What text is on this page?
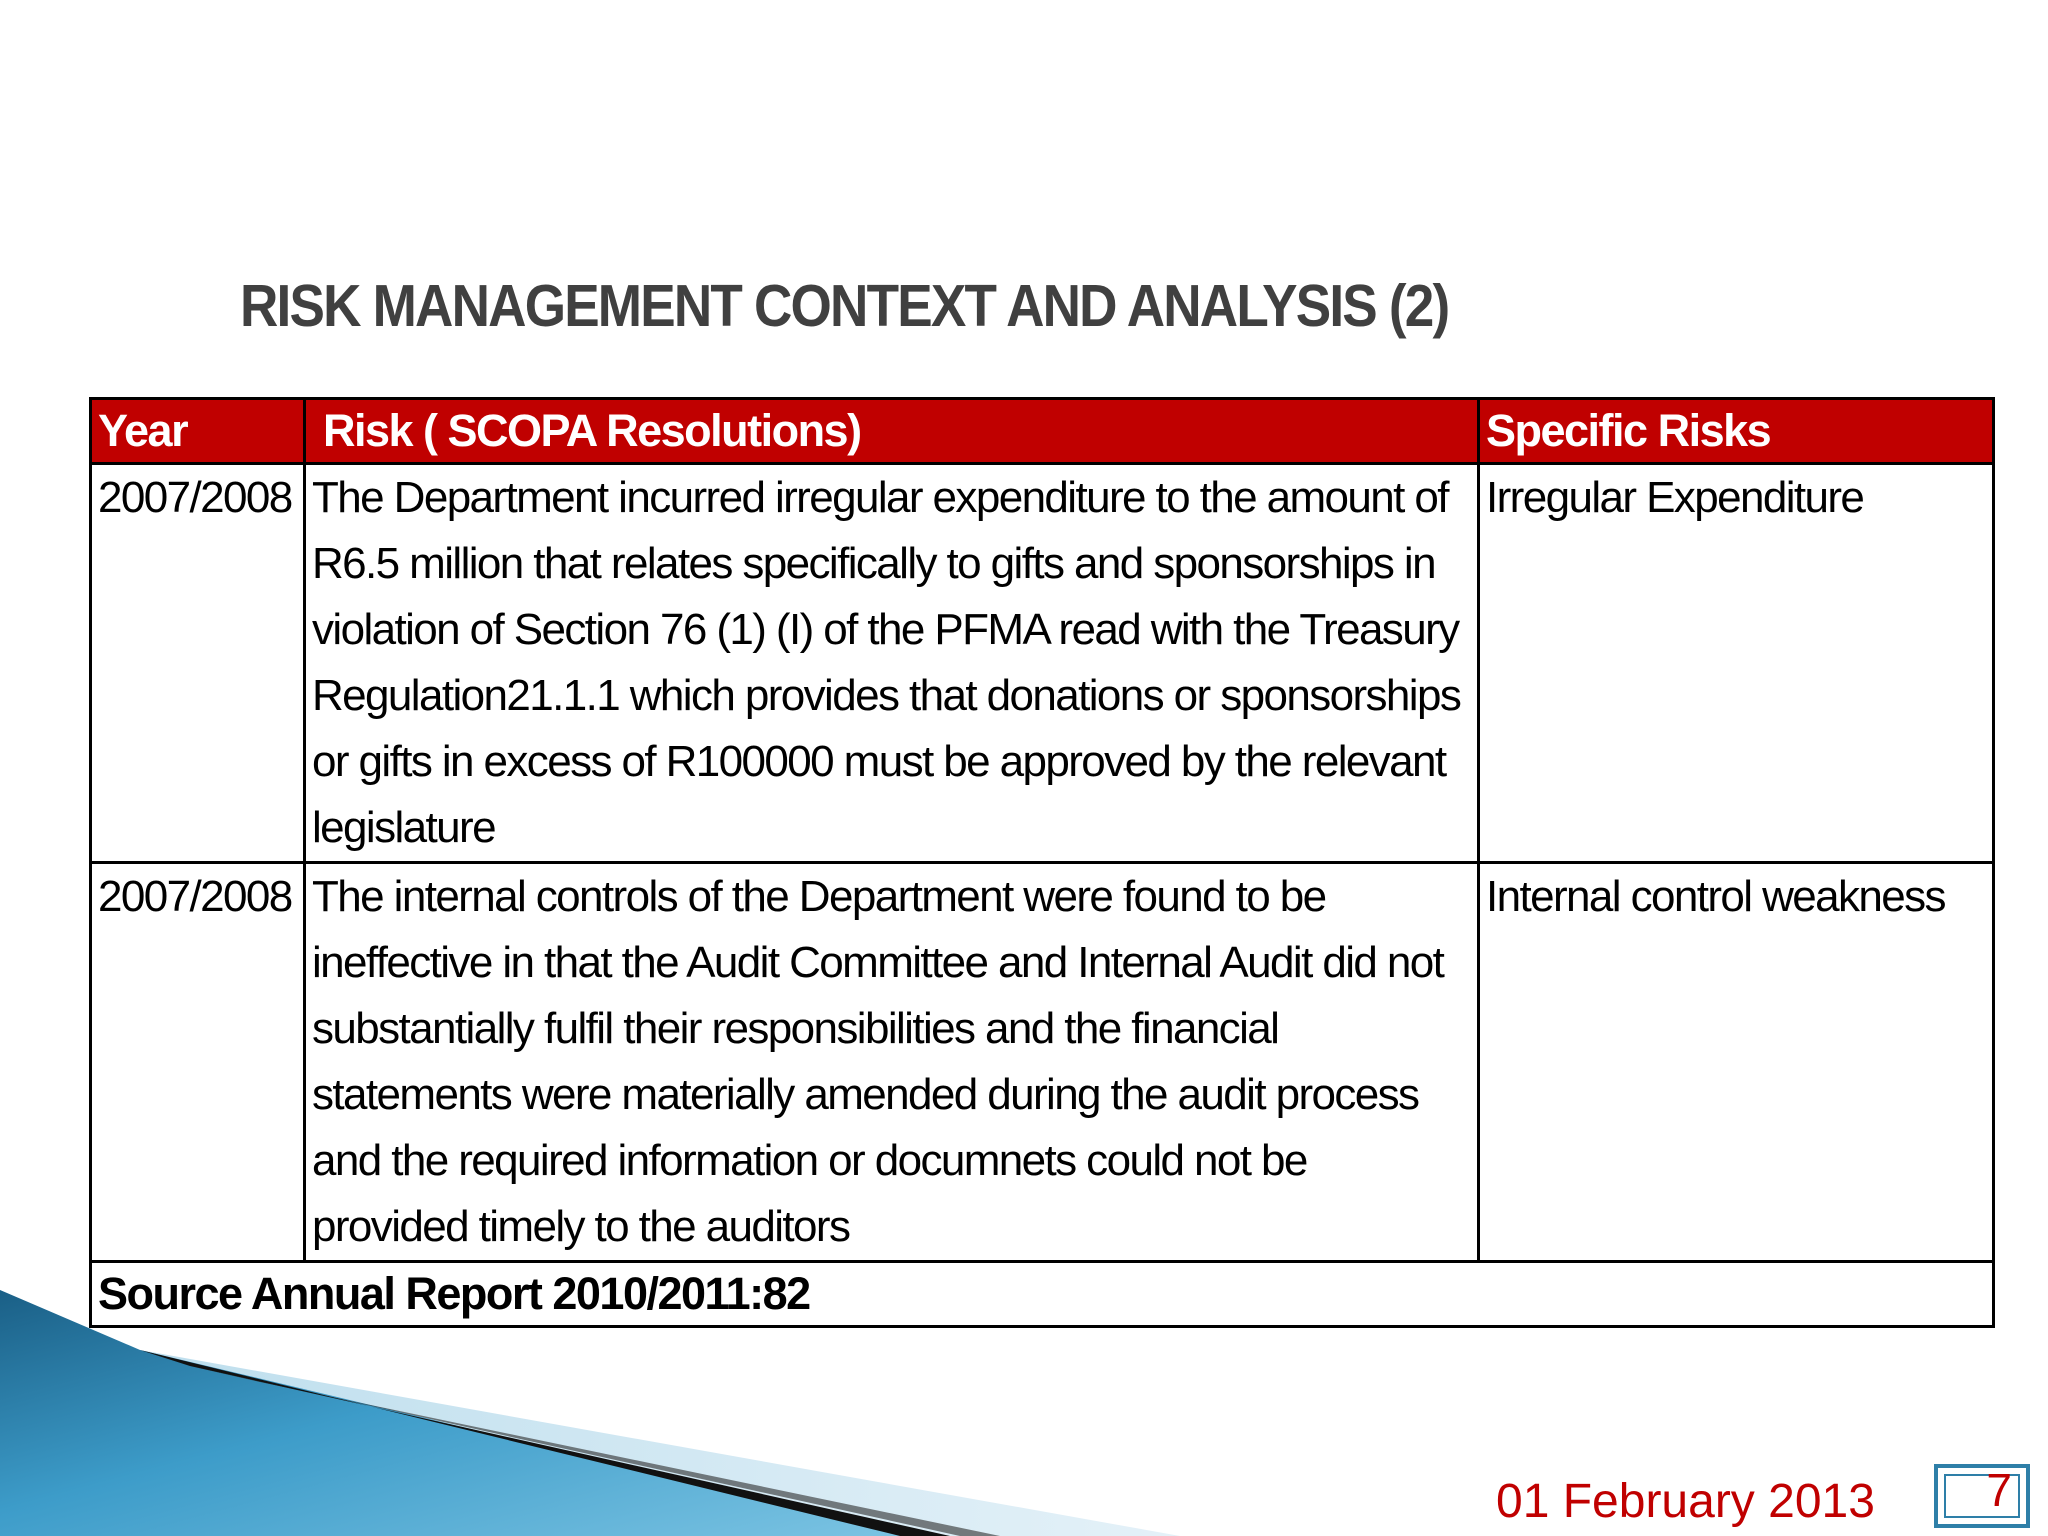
RISK MANAGEMENT CONTEXT AND ANALYSIS (2)
Year	Risk ( SCOPA Resolutions)	Specific Risks
2007/2008	The Department incurred irregular expenditure to the amount of R6.5 million that relates specifically to gifts and sponsorships in violation of Section 76 (1) (I) of the PFMA read with the Treasury Regulation21.1.1 which provides that donations or sponsorships or gifts in excess of R100000 must be approved by the relevant legislature	Irregular Expenditure
2007/2008	The internal controls of the Department were found to be ineffective in that the Audit Committee and Internal Audit did not substantially fulfil their responsibilities and the financial statements were materially amended during the audit process and the required information or documnets could not be provided timely to the auditors	Internal control weakness
Source Annual Report 2010/2011:82		
01 February 2013 7
